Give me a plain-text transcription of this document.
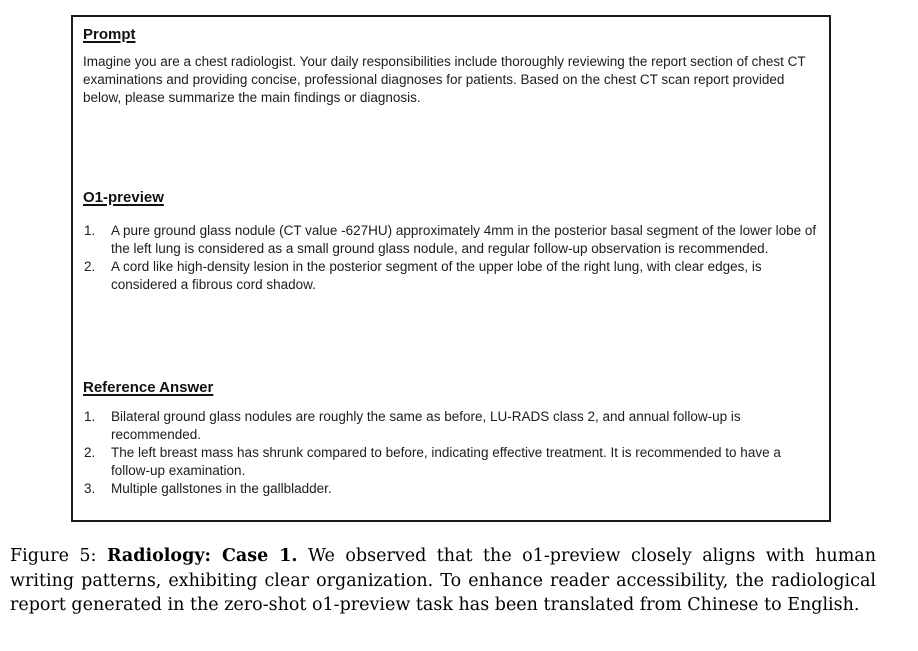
Prompt

Imagine you are a chest radiologist. Your daily responsibilities include thoroughly reviewing the report section of chest CT examinations and providing concise, professional diagnoses for patients. Based on the chest CT scan report provided below, please summarize the main findings or diagnosis.

O1-preview
1.	A pure ground glass nodule (CT value -627HU) approximately 4mm in the posterior basal segment of the lower lobe of the left lung is considered as a small ground glass nodule, and regular follow-up observation is recommended.
2.	A cord like high-density lesion in the posterior segment of the upper lobe of the right lung, with clear edges, is considered a fibrous cord shadow.
Reference Answer
1.	Bilateral ground glass nodules are roughly the same as before, LU-RADS class 2, and annual follow-up is recommended.
2.	The left breast mass has shrunk compared to before, indicating effective treatment. It is recommended to have a follow-up examination.
3.	Multiple gallstones in the gallbladder.

Figure 5: Radiology: Case 1. We observed that the o1-preview closely aligns with human writing patterns, exhibiting clear organization. To enhance reader accessibility, the radiological report generated in the zero-shot o1-preview task has been translated from Chinese to English.
